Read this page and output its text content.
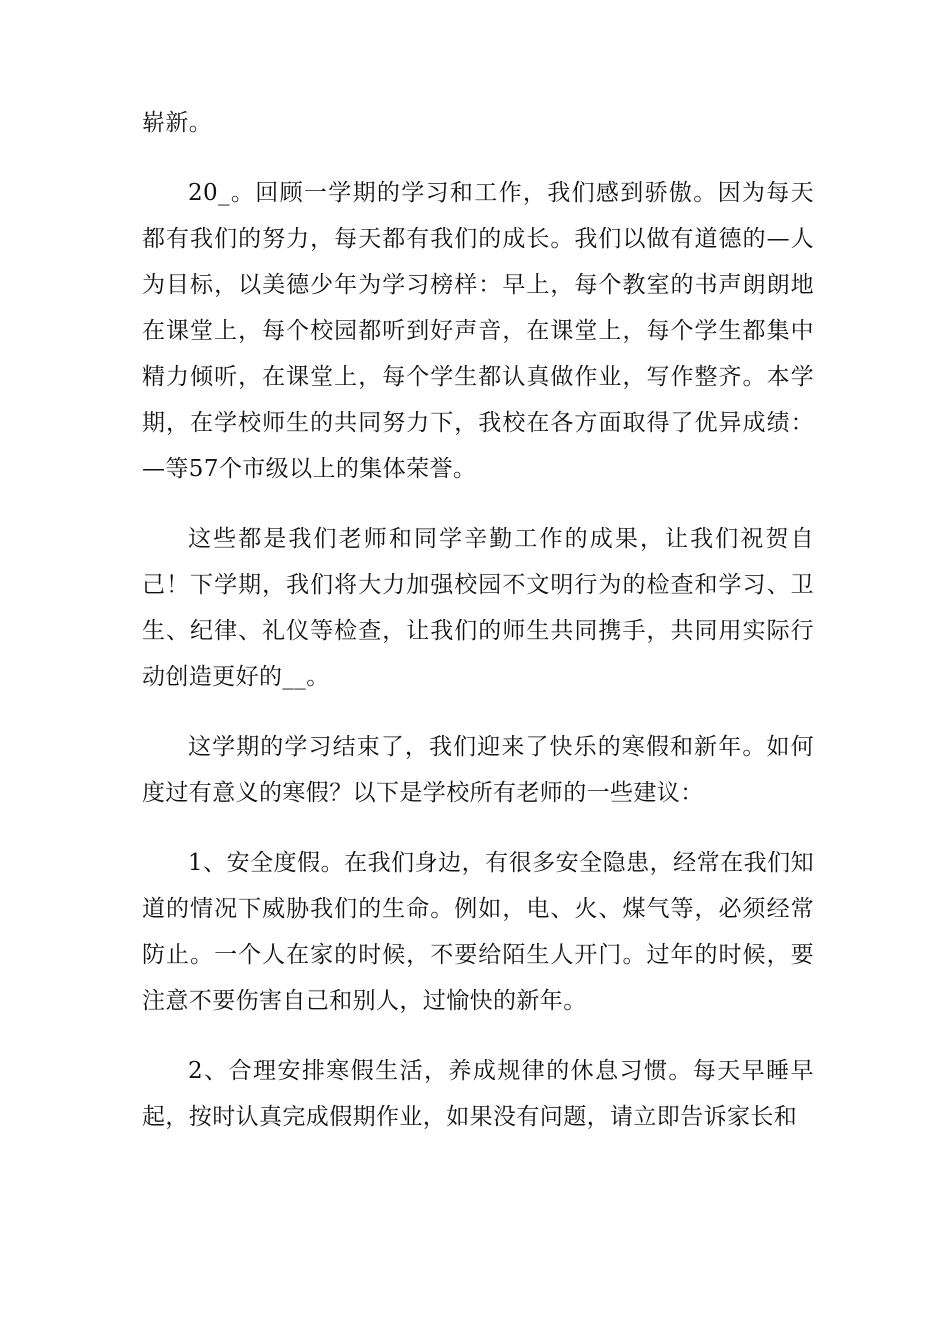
崭新。

20_。回顾一学期的学习和工作，我们感到骄傲。因为每天都有我们的努力，每天都有我们的成长。我们以做有道德的—人为目标，以美德少年为学习榜样：早上，每个教室的书声朗朗地在课堂上，每个校园都听到好声音，在课堂上，每个学生都集中精力倾听，在课堂上，每个学生都认真做作业，写作整齐。本学期，在学校师生的共同努力下，我校在各方面取得了优异成绩：—等57个市级以上的集体荣誉。

这些都是我们老师和同学辛勤工作的成果，让我们祝贺自己！下学期，我们将大力加强校园不文明行为的检查和学习、卫生、纪律、礼仪等检查，让我们的师生共同携手，共同用实际行动创造更好的__。

这学期的学习结束了，我们迎来了快乐的寒假和新年。如何度过有意义的寒假？以下是学校所有老师的一些建议：

1、安全度假。在我们身边，有很多安全隐患，经常在我们知道的情况下威胁我们的生命。例如，电、火、煤气等，必须经常防止。一个人在家的时候，不要给陌生人开门。过年的时候，要注意不要伤害自己和别人，过愉快的新年。

2、合理安排寒假生活，养成规律的休息习惯。每天早睡早起，按时认真完成假期作业，如果没有问题，请立即告诉家长和
